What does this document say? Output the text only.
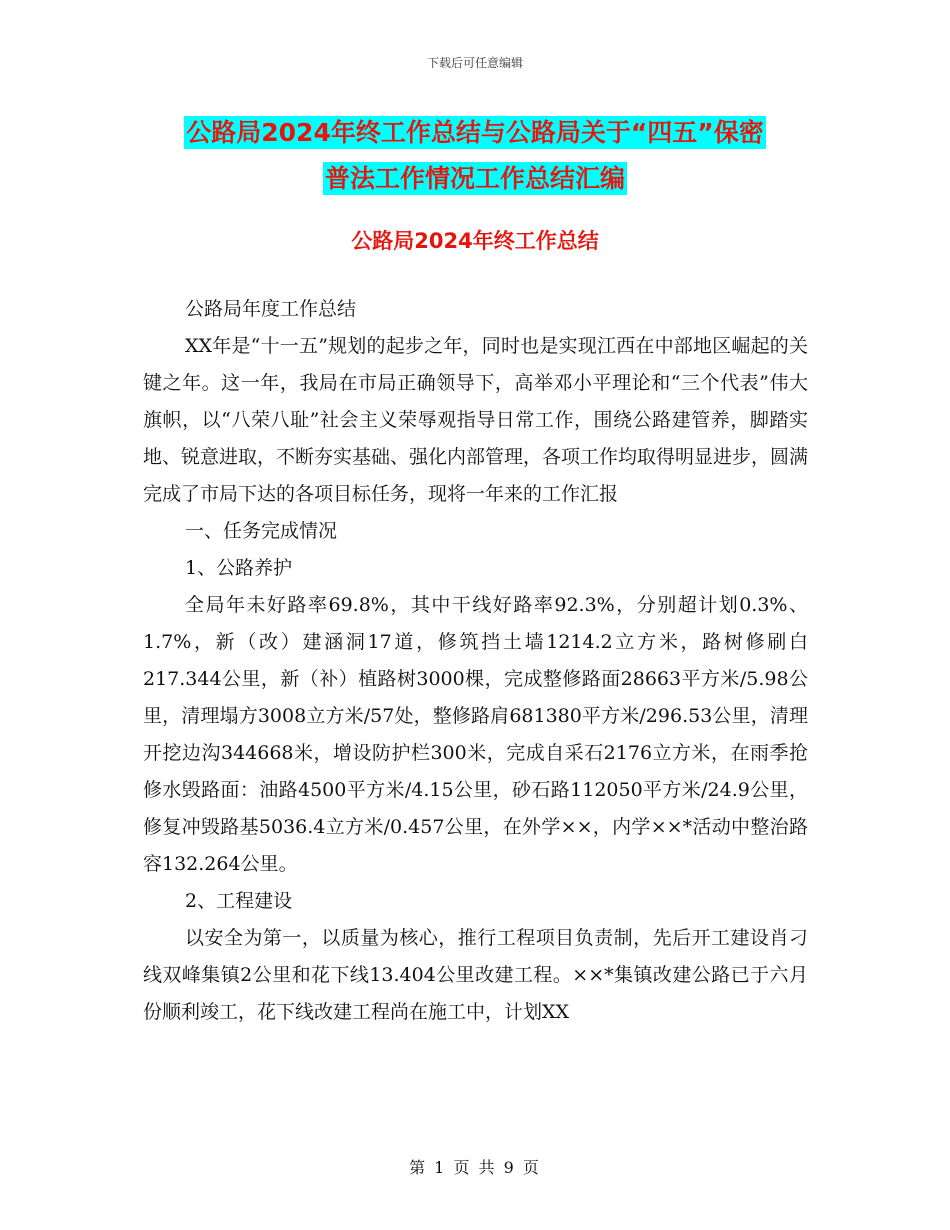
下载后可任意编辑
公路局2024年终工作总结与公路局关于“四五”保密
普法工作情况工作总结汇编
公路局2024年终工作总结

公路局年度工作总结

XX年是“十一五”规划的起步之年，同时也是实现江西在中部地区崛起的关键之年。这一年，我局在市局正确领导下，高举邓小平理论和“三个代表”伟大旗帜，以“八荣八耻”社会主义荣辱观指导日常工作，围绕公路建管养，脚踏实地、锐意进取，不断夯实基础、强化内部管理，各项工作均取得明显进步，圆满完成了市局下达的各项目标任务，现将一年来的工作汇报

一、任务完成情况

1、公路养护

全局年未好路率69.8%，其中干线好路率92.3%，分别超计划0.3%、1.7%，新（改）建涵洞17道，修筑挡土墙1214.2立方米，路树修刷白217.344公里，新（补）植路树3000棵，完成整修路面28663平方米/5.98公里，清理塌方3008立方米/57处，整修路肩681380平方米/296.53公里，清理开挖边沟344668米，增设防护栏300米，完成自采石2176立方米，在雨季抢修水毁路面：油路4500平方米/4.15公里，砂石路112050平方米/24.9公里，修复冲毁路基5036.4立方米/0.457公里，在外学××，内学××*活动中整治路容132.264公里。

2、工程建设

以安全为第一，以质量为核心，推行工程项目负责制，先后开工建设肖刁线双峰集镇2公里和花下线13.404公里改建工程。××*集镇改建公路已于六月份顺利竣工，花下线改建工程尚在施工中，计划XX

第 1 页 共 9 页
